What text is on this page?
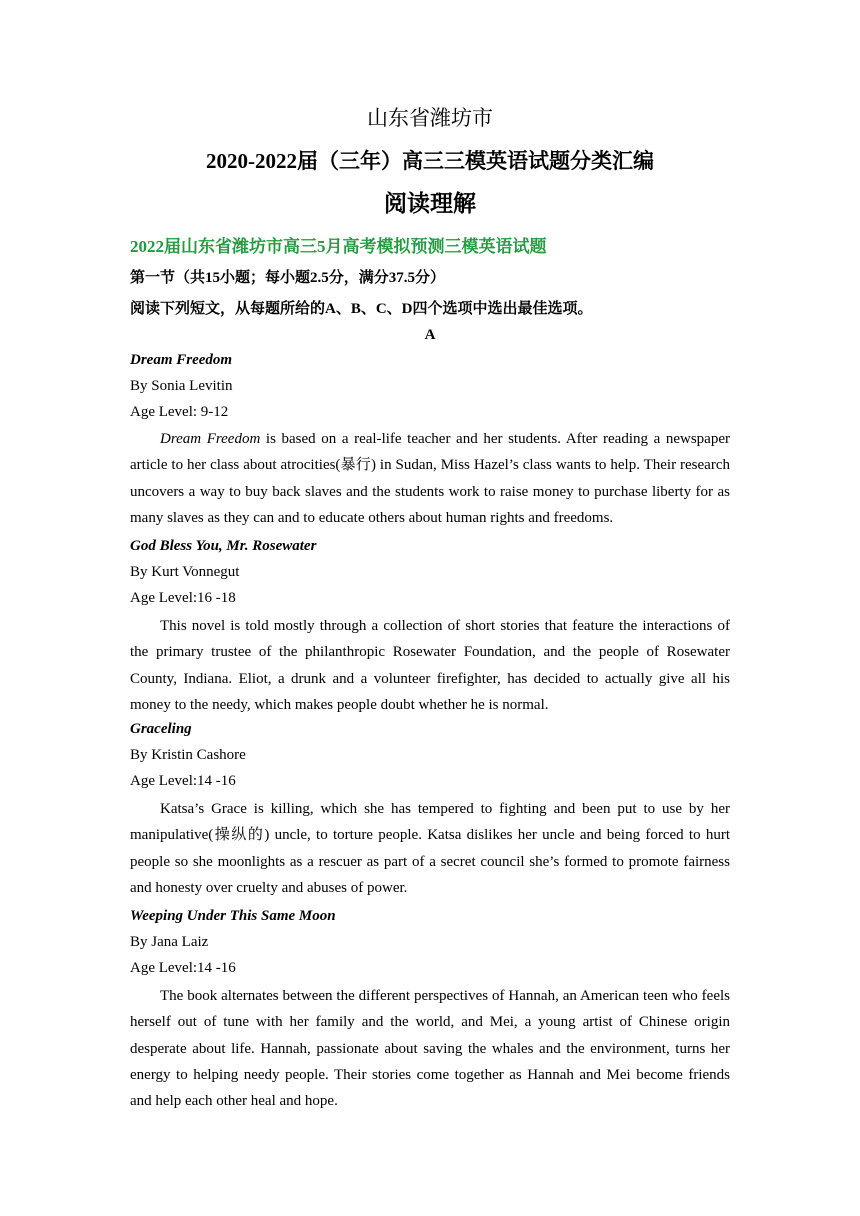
山东省潍坊市
2020-2022届（三年）高三三模英语试题分类汇编
阅读理解
2022届山东省潍坊市高三5月高考模拟预测三模英语试题
第一节（共15小题；每小题2.5分，满分37.5分）
阅读下列短文，从每题所给的A、B、C、D四个选项中选出最佳选项。
A
Dream Freedom
By Sonia Levitin
Age Level: 9-12
Dream Freedom is based on a real-life teacher and her students. After reading a newspaper article to her class about atrocities(暴行) in Sudan, Miss Hazel’s class wants to help. Their research uncovers a way to buy back slaves and the students work to raise money to purchase liberty for as many slaves as they can and to educate others about human rights and freedoms.
God Bless You, Mr. Rosewater
By Kurt Vonnegut
Age Level:16 -18
This novel is told mostly through a collection of short stories that feature the interactions of the primary trustee of the philanthropic Rosewater Foundation, and the people of Rosewater County, Indiana. Eliot, a drunk and a volunteer firefighter, has decided to actually give all his money to the needy, which makes people doubt whether he is normal.
Graceling
By Kristin Cashore
Age Level:14 -16
Katsa’s Grace is killing, which she has tempered to fighting and been put to use by her manipulative(操纵的) uncle, to torture people. Katsa dislikes her uncle and being forced to hurt people so she moonlights as a rescuer as part of a secret council she’s formed to promote fairness and honesty over cruelty and abuses of power.
Weeping Under This Same Moon
By Jana Laiz
Age Level:14 -16
The book alternates between the different perspectives of Hannah, an American teen who feels herself out of tune with her family and the world, and Mei, a young artist of Chinese origin desperate about life. Hannah, passionate about saving the whales and the environment, turns her energy to helping needy people. Their stories come together as Hannah and Mei become friends and help each other heal and hope.
